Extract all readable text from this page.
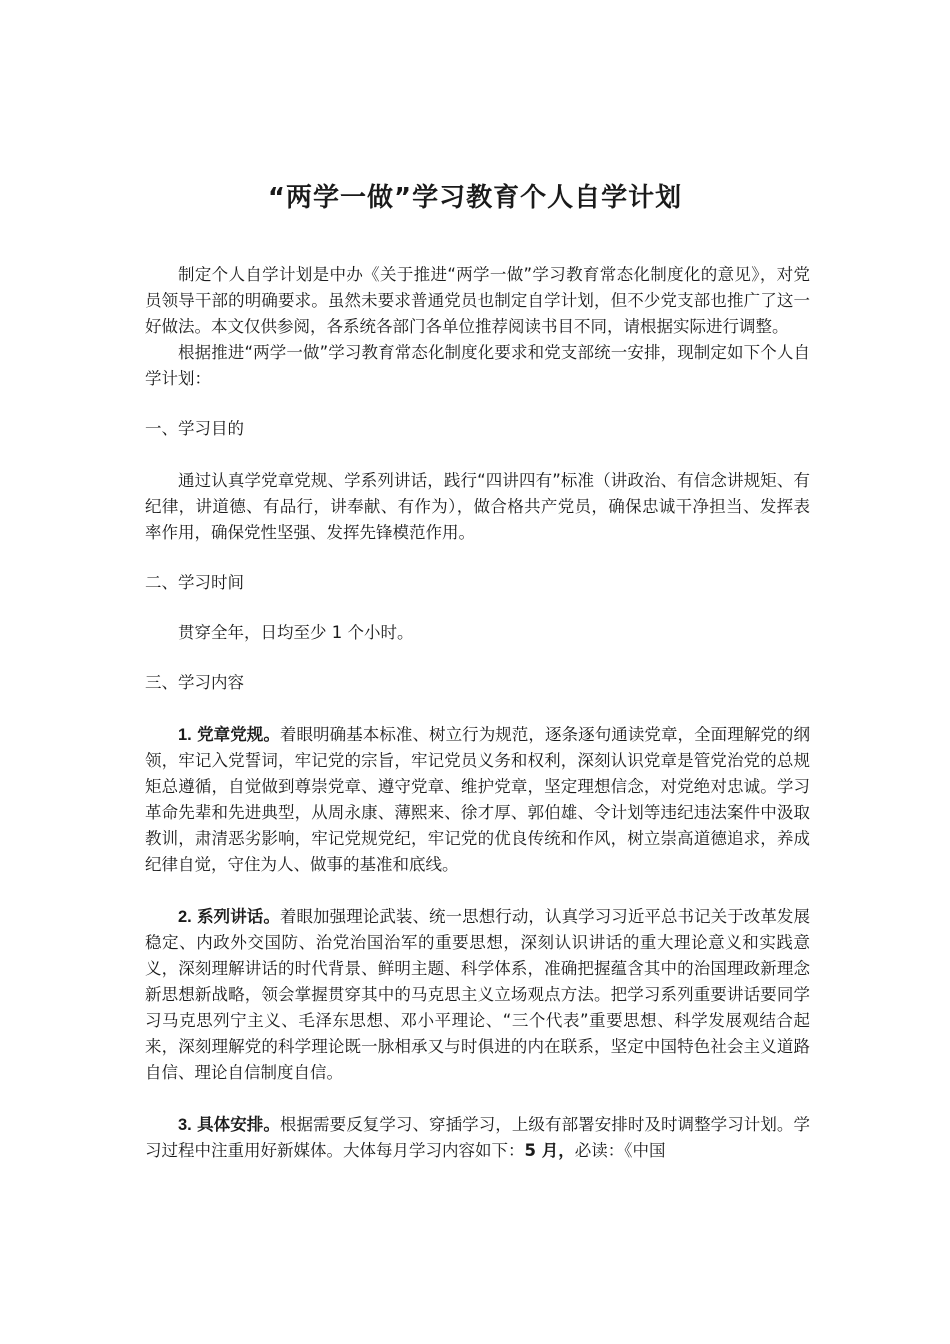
“两学一做”学习教育个人自学计划

制定个人自学计划是中办《关于推进“两学一做”学习教育常态化制度化的意见》，对党员领导干部的明确要求。虽然未要求普通党员也制定自学计划，但不少党支部也推广了这一好做法。本文仅供参阅，各系统各部门各单位推荐阅读书目不同，请根据实际进行调整。

根据推进“两学一做”学习教育常态化制度化要求和党支部统一安排，现制定如下个人自学计划：

一、学习目的

通过认真学党章党规、学系列讲话，践行“四讲四有”标准（讲政治、有信念讲规矩、有纪律，讲道德、有品行，讲奉献、有作为），做合格共产党员，确保忠诚干净担当、发挥表率作用，确保党性坚强、发挥先锋模范作用。

二、学习时间

贯穿全年，日均至少 1 个小时。

三、学习内容

1. 党章党规。着眼明确基本标准、树立行为规范，逐条逐句通读党章，全面理解党的纲领，牢记入党誓词，牢记党的宗旨，牢记党员义务和权利，深刻认识党章是管党治党的总规矩总遵循，自觉做到尊崇党章、遵守党章、维护党章，坚定理想信念，对党绝对忠诚。学习革命先辈和先进典型，从周永康、薄熙来、徐才厚、郭伯雄、令计划等违纪违法案件中汲取教训，肃清恶劣影响，牢记党规党纪，牢记党的优良传统和作风，树立崇高道德追求，养成纪律自觉，守住为人、做事的基准和底线。

2. 系列讲话。着眼加强理论武装、统一思想行动，认真学习习近平总书记关于改革发展稳定、内政外交国防、治党治国治军的重要思想，深刻认识讲话的重大理论意义和实践意义，深刻理解讲话的时代背景、鲜明主题、科学体系，准确把握蕴含其中的治国理政新理念新思想新战略，领会掌握贯穿其中的马克思主义立场观点方法。把学习系列重要讲话要同学习马克思列宁主义、毛泽东思想、邓小平理论、“三个代表”重要思想、科学发展观结合起来，深刻理解党的科学理论既一脉相承又与时俱进的内在联系，坚定中国特色社会主义道路自信、理论自信制度自信。

3. 具体安排。根据需要反复学习、穿插学习，上级有部署安排时及时调整学习计划。学习过程中注重用好新媒体。大体每月学习内容如下：5 月，必读：《中国
